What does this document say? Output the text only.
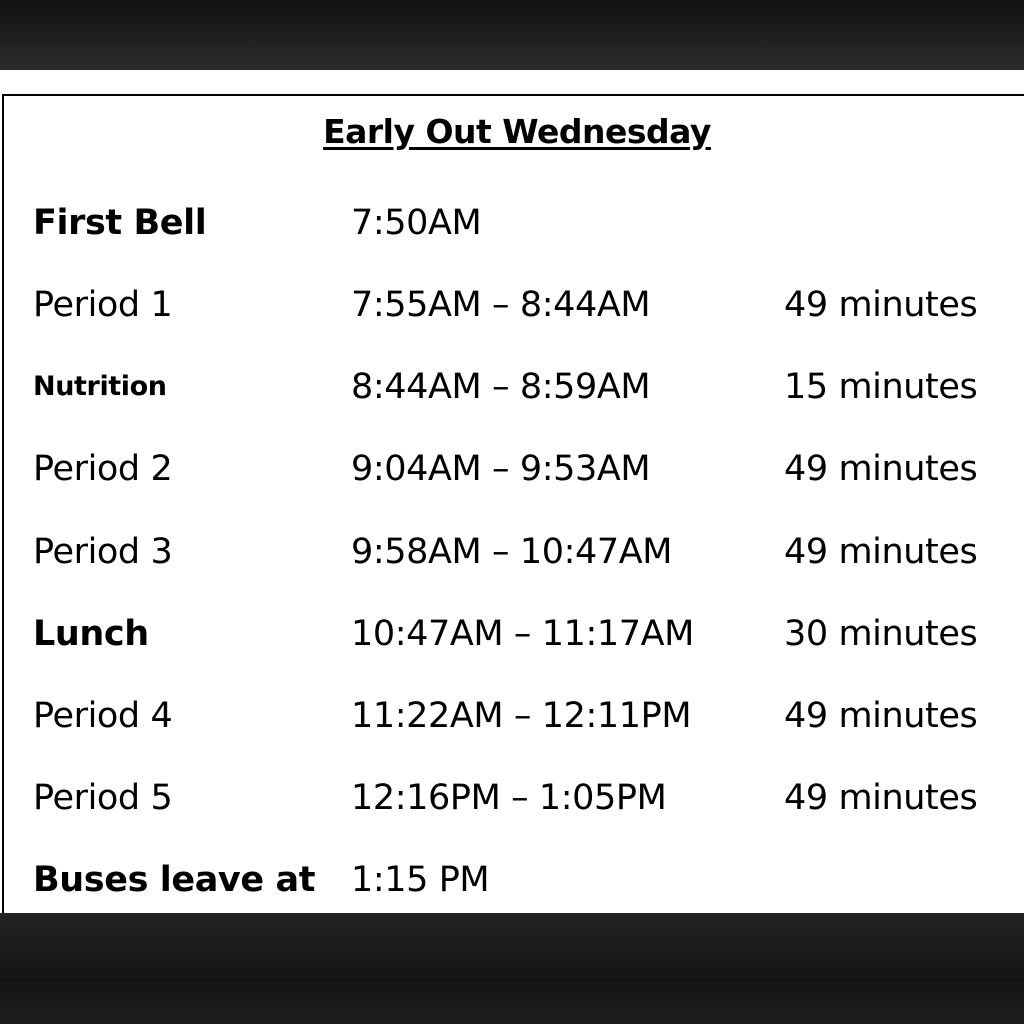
Early Out Wednesday
First Bell	7:50AM
Period 1	7:55AM – 8:44AM	49 minutes
Nutrition	8:44AM – 8:59AM	15 minutes
Period 2	9:04AM – 9:53AM	49 minutes
Period 3	9:58AM – 10:47AM	49 minutes
Lunch	10:47AM – 11:17AM	30 minutes
Period 4	11:22AM – 12:11PM	49 minutes
Period 5	12:16PM – 1:05PM	49 minutes
Buses leave at 1:15 PM
